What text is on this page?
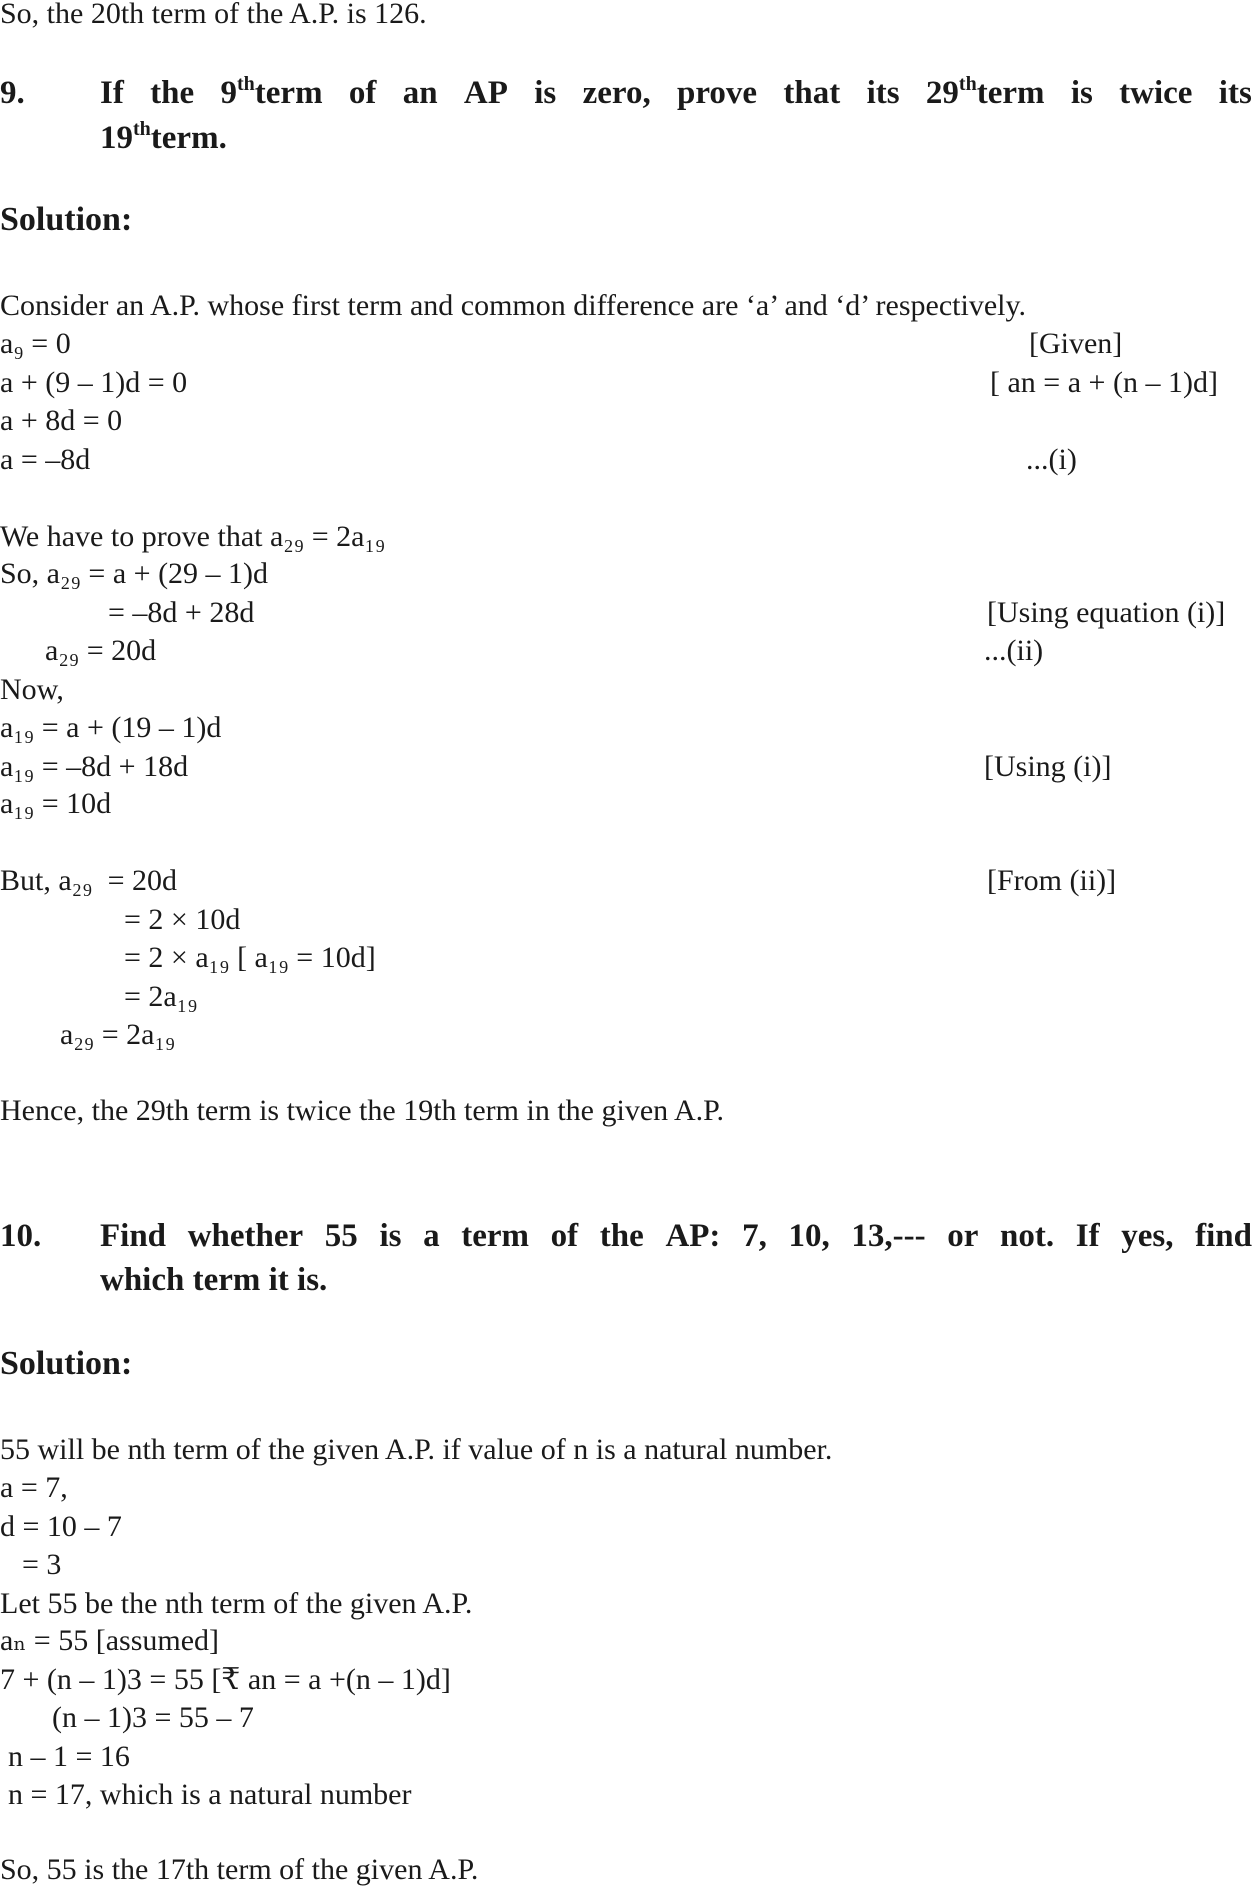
So, the 20th term of the A.P. is 126.
9. If the 9thterm of an AP is zero, prove that its 29thterm is twice its
19thterm.
Solution:
Consider an A.P. whose first term and common difference are ‘a’ and ‘d’ respectively.
a₉ = 0
a + (9 – 1)d = 0
a + 8d = 0
a = –8d
We have to prove that a₂₉ = 2a₁₉
So, a₂₉ = a + (29 – 1)d
= –8d + 28d
a₂₉ = 20d
Now,
a₁₉ = a + (19 – 1)d
a₁₉ = –8d + 18d
a₁₉ = 10d
But, a₂₉  = 20d
= 2 × 10d
= 2 × a₁₉ [ a₁₉ = 10d]
= 2a₁₉
a₂₉ = 2a₁₉
Hence, the 29th term is twice the 19th term in the given A.P.
[Given]
[ an = a + (n – 1)d]
...(i)
[Using equation (i)]
...(ii)
[Using (i)]
[From (ii)]
10. Find whether 55 is a term of the AP: 7, 10, 13,--- or not. If yes, find
which term it is.
Solution:
55 will be nth term of the given A.P. if value of n is a natural number.
a = 7,
d = 10 – 7
= 3
Let 55 be the nth term of the given A.P.
aₙ = 55 [assumed]
7 + (n – 1)3 = 55 [₹ an = a +(n – 1)d]
(n – 1)3 = 55 – 7
n – 1 = 16
n = 17, which is a natural number
So, 55 is the 17th term of the given A.P.
